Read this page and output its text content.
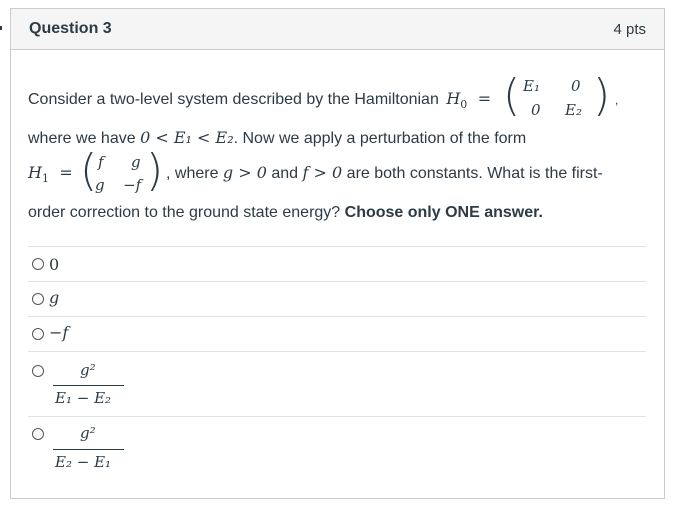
Question 3	4 pts
Consider a two-level system described by the Hamiltonian $H_0$ = ( E₁ 0
0 E₂ ) ,
where we have 0 < E₁ < E₂. Now we apply a perturbation of the form
$H_1$ = ( f g
g −f ) , where g > 0 and f > 0 are both constants. What is the first-
order correction to the ground state energy? Choose only ONE answer.
0
g
−f
g²
E₁ − E₂
g²
E₂ − E₁
